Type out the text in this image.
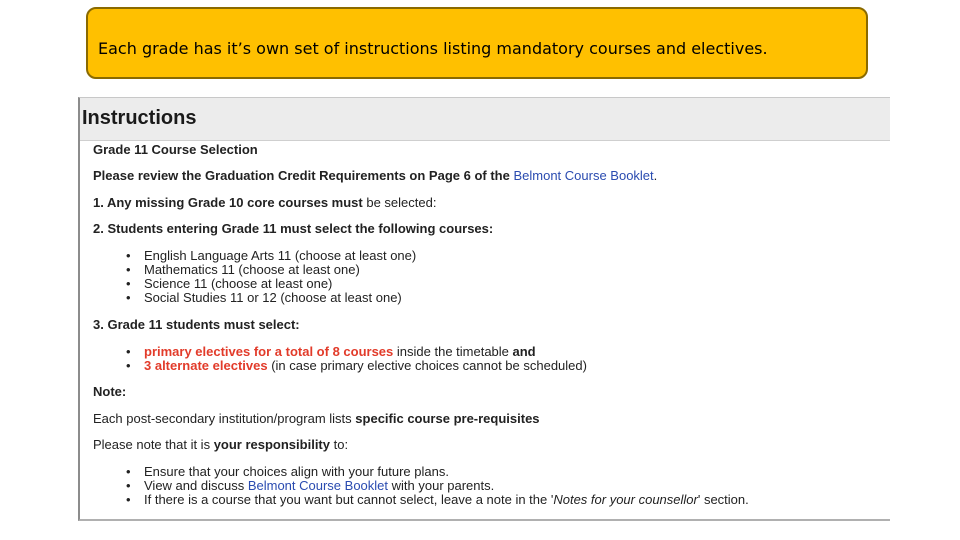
Each grade has it’s own set of instructions listing mandatory courses and electives.
Instructions
Grade 11 Course Selection
Please review the Graduation Credit Requirements on Page 6 of the Belmont Course Booklet.
1. Any missing Grade 10 core courses must be selected:
2. Students entering Grade 11 must select the following courses:
• English Language Arts 11 (choose at least one)
• Mathematics 11 (choose at least one)
• Science 11 (choose at least one)
• Social Studies 11 or 12 (choose at least one)
3. Grade 11 students must select:
• primary electives for a total of 8 courses inside the timetable and
• 3 alternate electives (in case primary elective choices cannot be scheduled)
Note:
Each post-secondary institution/program lists specific course pre-requisites
Please note that it is your responsibility to:
• Ensure that your choices align with your future plans.
• View and discuss Belmont Course Booklet with your parents.
• If there is a course that you want but cannot select, leave a note in the 'Notes for your counsellor' section.
